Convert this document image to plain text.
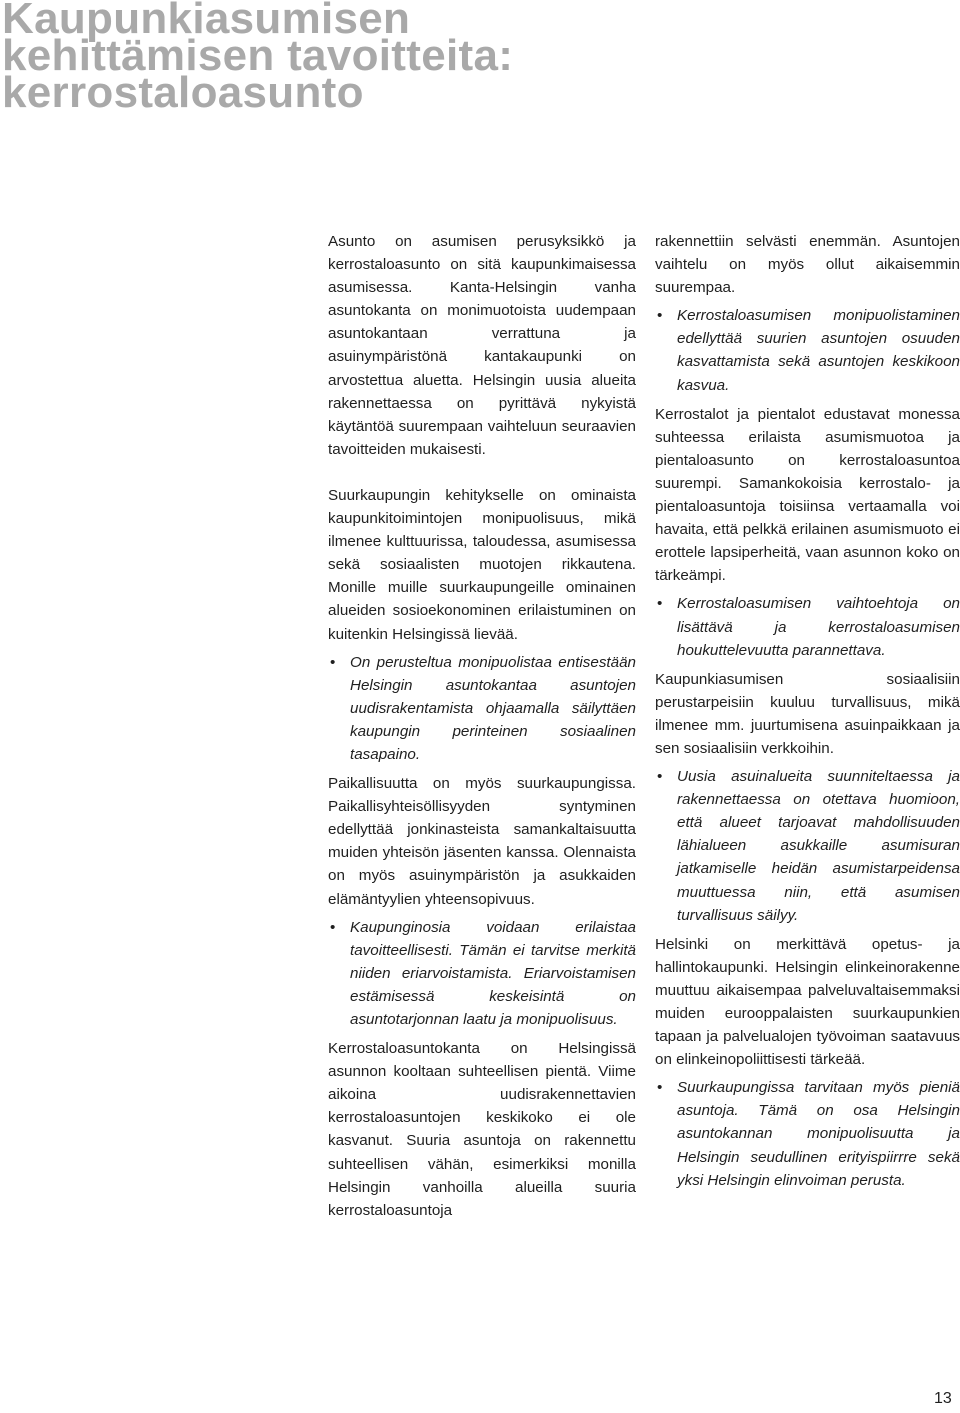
Kaupunkiasumisen
kehittämisen tavoitteita:
kerrostaloasunto

Asunto on asumisen perusyksikkö ja kerrostaloasunto on sitä kaupunkimaisessa asumisessa. Kanta-Helsingin vanha asuntokanta on monimuotoista uudempaan asuntokantaan verrattuna ja asuinympäristönä kantakaupunki on arvostettua aluetta. Helsingin uusia alueita rakennettaessa on pyrittävä nykyistä käytäntöä suurempaan vaihteluun seuraavien tavoitteiden mukaisesti.

Suurkaupungin kehitykselle on ominaista kaupunkitoimintojen monipuolisuus, mikä ilmenee kulttuurissa, taloudessa, asumisessa sekä sosiaalisten muotojen rikkautena. Monille muille suurkaupungeille ominainen alueiden sosioekonominen erilaistuminen on kuitenkin Helsingissä lievää.

• On perusteltua monipuolistaa entisestään Helsingin asuntokantaa asuntojen uudisrakentamista ohjaamalla säilyttäen kaupungin perinteinen sosiaalinen tasapaino.

Paikallisuutta on myös suurkaupungissa. Paikallisyhteisöllisyyden syntyminen edellyttää jonkinasteista samankaltaisuutta muiden yhteisön jäsenten kanssa. Olennaista on myös asuinympäristön ja asukkaiden elämäntyylien yhteensopivuus.

• Kaupunginosia voidaan erilaistaa tavoitteellisesti. Tämän ei tarvitse merkitä niiden eriarvoistamista. Eriarvoistamisen estämisessä keskeisintä on asuntotarjonnan laatu ja monipuolisuus.

Kerrostaloasuntokanta on Helsingissä asunnon kooltaan suhteellisen pientä. Viime aikoina uudisrakennettavien kerrostaloasuntojen keskikoko ei ole kasvanut. Suuria asuntoja on rakennettu suhteellisen vähän, esimerkiksi monilla Helsingin vanhoilla alueilla suuria kerrostaloasuntoja

rakennettiin selvästi enemmän. Asuntojen vaihtelu on myös ollut aikaisemmin suurempaa.

• Kerrostaloasumisen monipuolistaminen edellyttää suurien asuntojen osuuden kasvattamista sekä asuntojen keskikoon kasvua.

Kerrostalot ja pientalot edustavat monessa suhteessa erilaista asumismuotoa ja pientaloasunto on kerrostaloasuntoa suurempi. Samankokoisia kerrostalo- ja pientaloasuntoja toisiinsa vertaamalla voi havaita, että pelkkä erilainen asumismuoto ei erottele lapsiperheitä, vaan asunnon koko on tärkeämpi.

• Kerrostaloasumisen vaihtoehtoja on lisättävä ja kerrostaloasumisen houkuttelevuutta parannettava.

Kaupunkiasumisen sosiaalisiin perustarpeisiin kuuluu turvallisuus, mikä ilmenee mm. juurtumisena asuinpaikkaan ja sen sosiaalisiin verkkoihin.

• Uusia asuinalueita suunniteltaessa ja rakennettaessa on otettava huomioon, että alueet tarjoavat mahdollisuuden lähialueen asukkaille asumisuran jatkamiselle heidän asumistarpeidensa muuttuessa niin, että asumisen turvallisuus säilyy.

Helsinki on merkittävä opetus- ja hallintokaupunki. Helsingin elinkeinorakenne muuttuu aikaisempaa palveluvaltaisemmaksi muiden eurooppalaisten suurkaupunkien tapaan ja palvelualojen työvoiman saatavuus on elinkeinopoliittisesti tärkeää.

• Suurkaupungissa tarvitaan myös pieniä asuntoja. Tämä on osa Helsingin asuntokannan monipuolisuutta ja Helsingin seudullinen erityispiirrre sekä yksi Helsingin elinvoiman perusta.
13
